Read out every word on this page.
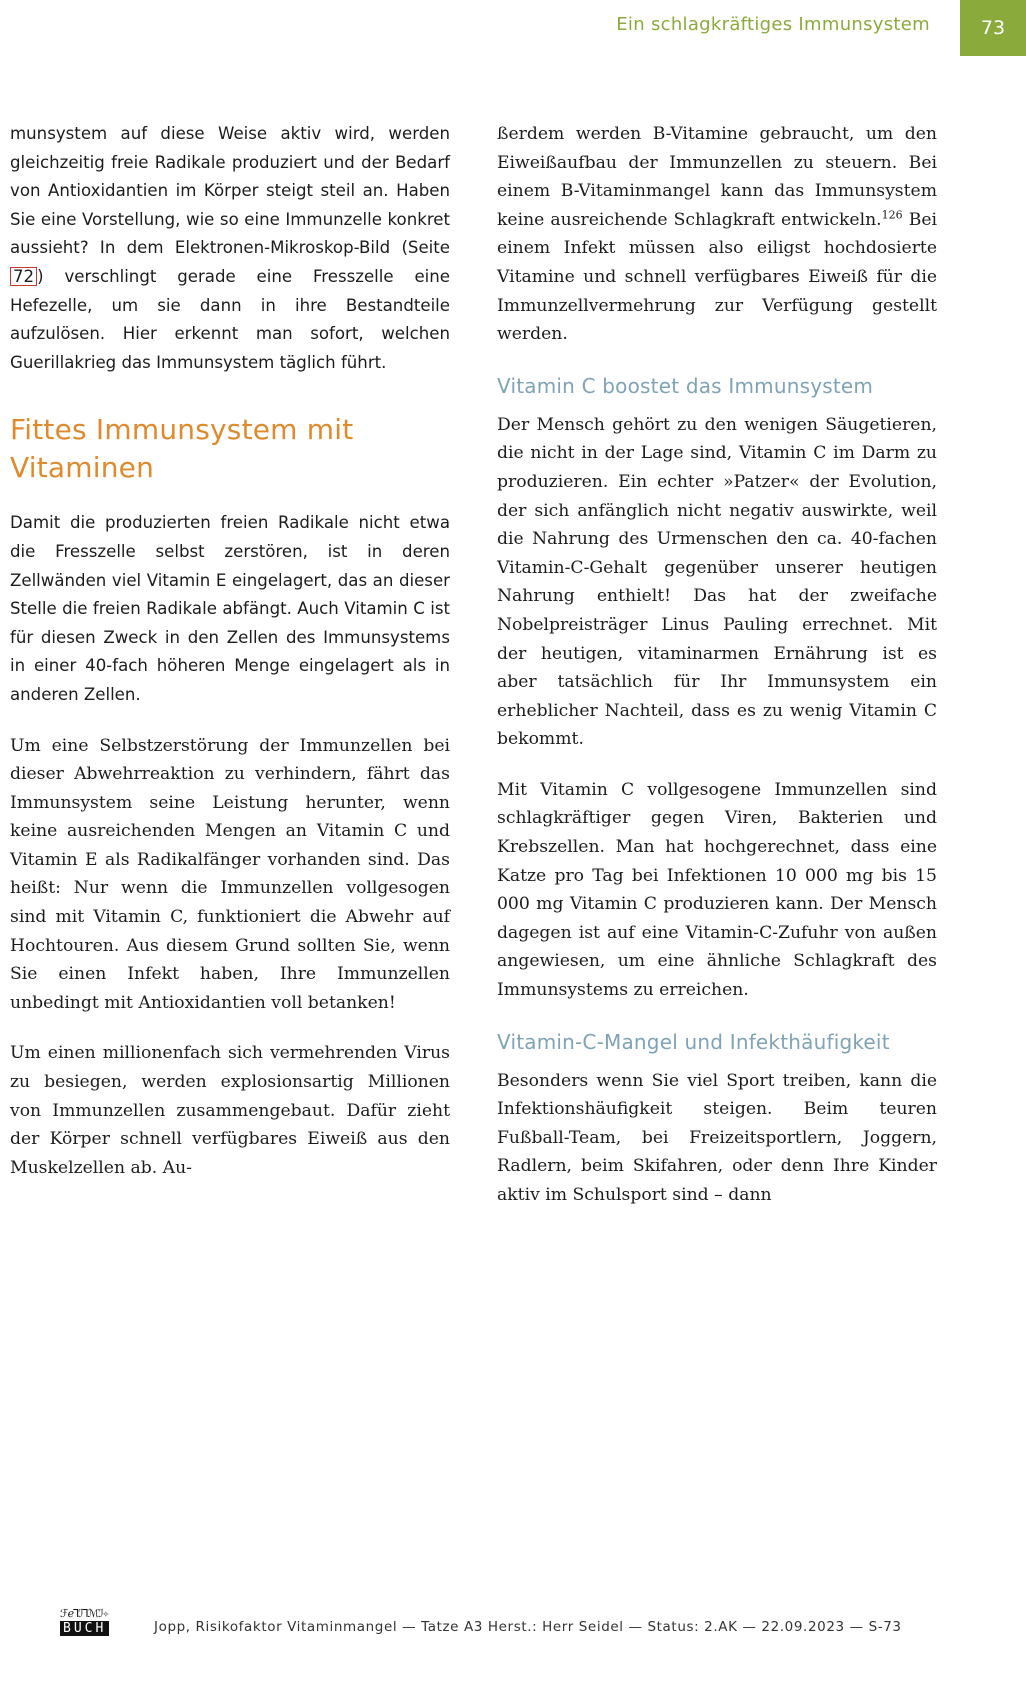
Ein schlagkräftiges Immunsystem	73

munsystem auf diese Weise aktiv wird, werden gleichzeitig freie Radikale produziert und der Bedarf von Antioxidantien im Körper steigt steil an. Haben Sie eine Vorstellung, wie so eine Immunzelle konkret aussieht? In dem Elektronen-Mikroskop-Bild (Seite 72 ) verschlingt gerade eine Fresszelle eine Hefezelle, um sie dann in ihre Bestandteile aufzulösen. Hier erkennt man sofort, welchen Guerillakrieg das Immunsystem täglich führt.

Fittes Immunsystem mit Vitaminen

Damit die produzierten freien Radikale nicht etwa die Fresszelle selbst zerstören, ist in deren Zellwänden viel Vitamin E eingelagert, das an dieser Stelle die freien Radikale abfängt. Auch Vitamin C ist für diesen Zweck in den Zellen des Immunsystems in einer 40-fach höheren Menge eingelagert als in anderen Zellen.

Um eine Selbstzerstörung der Immunzellen bei dieser Abwehrreaktion zu verhindern, fährt das Immunsystem seine Leistung herunter, wenn keine ausreichenden Mengen an Vitamin C und Vitamin E als Radikalfänger vorhanden sind. Das heißt: Nur wenn die Immunzellen vollgesogen sind mit Vitamin C, funktioniert die Abwehr auf Hochtouren. Aus diesem Grund sollten Sie, wenn Sie einen Infekt haben, Ihre Immunzellen unbedingt mit Antioxidantien voll betanken!

Um einen millionenfach sich vermehrenden Virus zu besiegen, werden explosionsartig Millionen von Immunzellen zusammengebaut. Dafür zieht der Körper schnell verfügbares Eiweiß aus den Muskelzellen ab. Au-

ßerdem werden B-Vitamine gebraucht, um den Eiweißaufbau der Immunzellen zu steuern. Bei einem B-Vitaminmangel kann das Immunsystem keine ausreichende Schlagkraft entwickeln.$^{126}$ Bei einem Infekt müssen also eiligst hochdosierte Vitamine und schnell verfügbares Eiweiß für die Immunzellvermehrung zur Verfügung gestellt werden.

Vitamin C boostet das Immunsystem

Der Mensch gehört zu den wenigen Säugetieren, die nicht in der Lage sind, Vitamin C im Darm zu produzieren. Ein echter »Patzer« der Evolution, der sich anfänglich nicht negativ auswirkte, weil die Nahrung des Urmenschen den ca. 40-fachen Vitamin-C-Gehalt gegenüber unserer heutigen Nahrung enthielt! Das hat der zweifache Nobelpreisträger Linus Pauling errechnet. Mit der heutigen, vitaminarmen Ernährung ist es aber tatsächlich für Ihr Immunsystem ein erheblicher Nachteil, dass es zu wenig Vitamin C bekommt.

Mit Vitamin C vollgesogene Immunzellen sind schlagkräftiger gegen Viren, Bakterien und Krebszellen. Man hat hochgerechnet, dass eine Katze pro Tag bei Infektionen 10 000 mg bis 15 000 mg Vitamin C produzieren kann. Der Mensch dagegen ist auf eine Vitamin-C-Zufuhr von außen angewiesen, um eine ähnliche Schlagkraft des Immunsystems zu erreichen.

Vitamin-C-Mangel und Infekthäufigkeit

Besonders wenn Sie viel Sport treiben, kann die Infektionshäufigkeit steigen. Beim teuren Fußball-Team, bei Freizeitsportlern, Joggern, Radlern, beim Skifahren, oder denn Ihre Kinder aktiv im Schulsport sind – dann

ℱℯ⅂ℐ⅂ℳℐ✧
BUCH	Jopp, Risikofaktor Vitaminmangel — Tatze A3 Herst.: Herr Seidel — Status: 2.AK — 22.09.2023 — S-73
